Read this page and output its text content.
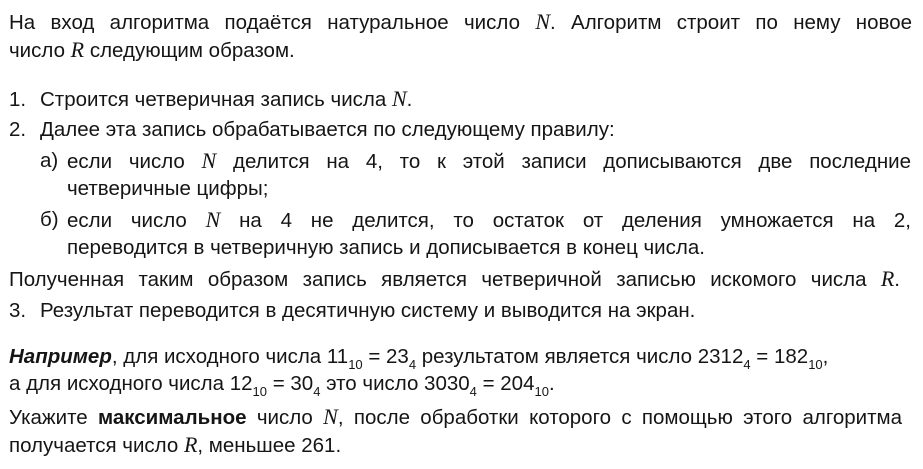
На вход алгоритма подаётся натуральное число N. Алгоритм строит по нему новое
число R следующим образом.
1. Строится четверичная запись числа N.
2. Далее эта запись обрабатывается по следующему правилу:
а) если число N делится на 4, то к этой записи дописываются две последние
четверичные цифры;
б) если число N на 4 не делится, то остаток от деления умножается на 2,
переводится в четверичную запись и дописывается в конец числа.
Полученная таким образом запись является четверичной записью искомого числа R.
3. Результат переводится в десятичную систему и выводится на экран.
Например, для исходного числа $11_{10} = 23_4$ результатом является число $2312_4 = 182_{10}$,
а для исходного числа $12_{10} = 30_4$ это число $3030_4 = 204_{10}$.
Укажите максимальное число N, после обработки которого с помощью этого алгоритма
получается число R, меньшее 261.
